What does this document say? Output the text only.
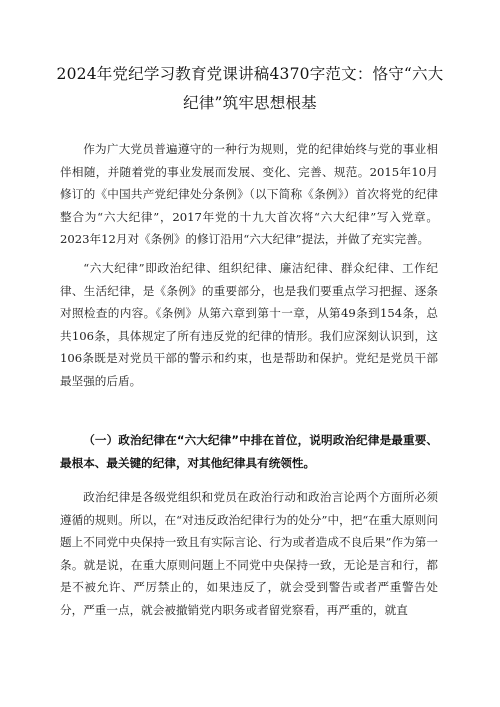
2024年党纪学习教育党课讲稿4370字范文：恪守“六大纪律”筑牢思想根基

作为广大党员普遍遵守的一种行为规则，党的纪律始终与党的事业相伴相随，并随着党的事业发展而发展、变化、完善、规范。2015年10月修订的《中国共产党纪律处分条例》（以下简称《条例》）首次将党的纪律整合为“六大纪律”，2017年党的十九大首次将“六大纪律”写入党章。2023年12月对《条例》的修订沿用“六大纪律”提法，并做了充实完善。

“六大纪律”即政治纪律、组织纪律、廉洁纪律、群众纪律、工作纪律、生活纪律，是《条例》的重要部分，也是我们要重点学习把握、逐条对照检查的内容。《条例》从第六章到第十一章，从第49条到154条，总共106条，具体规定了所有违反党的纪律的情形。我们应深刻认识到，这106条既是对党员干部的警示和约束，也是帮助和保护。党纪是党员干部最坚强的后盾。

（一）政治纪律在“六大纪律”中排在首位，说明政治纪律是最重要、最根本、最关键的纪律，对其他纪律具有统领性。

政治纪律是各级党组织和党员在政治行动和政治言论两个方面所必须遵循的规则。所以，在“对违反政治纪律行为的处分”中，把“在重大原则问题上不同党中央保持一致且有实际言论、行为或者造成不良后果”作为第一条。就是说，在重大原则问题上不同党中央保持一致，无论是言和行，都是不被允许、严厉禁止的，如果违反了，就会受到警告或者严重警告处分，严重一点，就会被撤销党内职务或者留党察看，再严重的，就直
